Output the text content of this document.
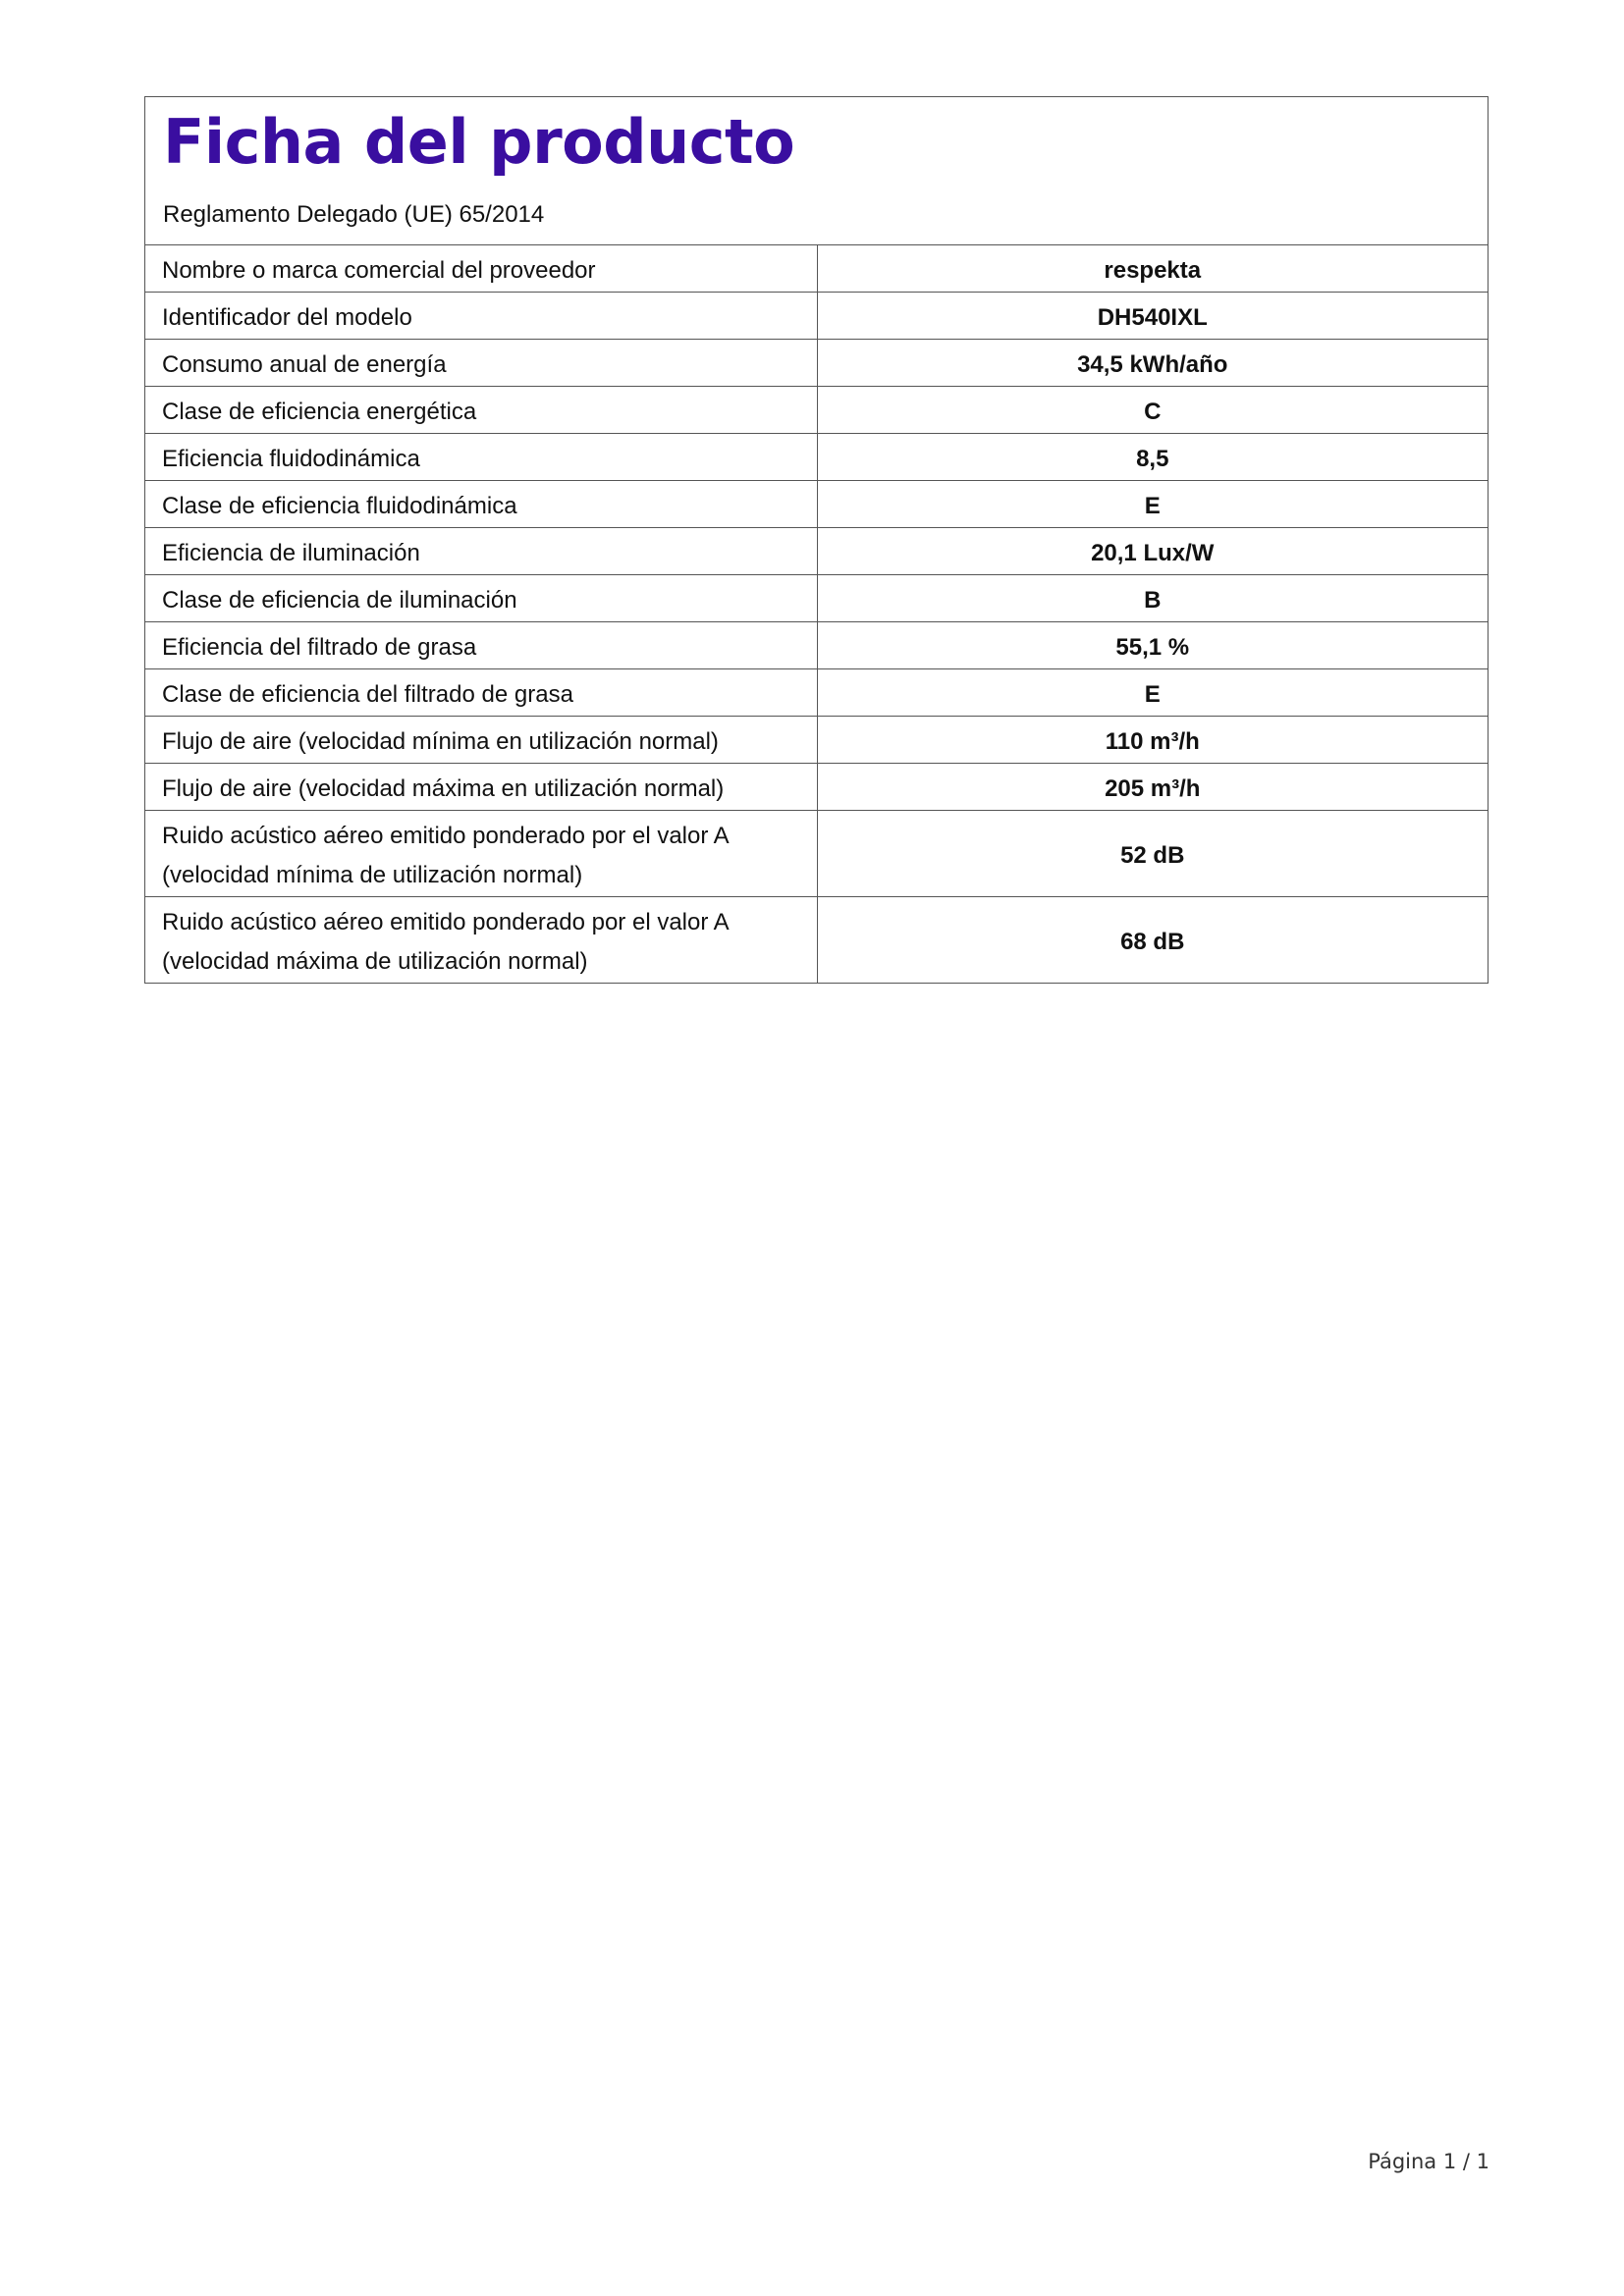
Ficha del producto
Reglamento Delegado (UE) 65/2014
Nombre o marca comercial del proveedor	respekta
Identificador del modelo	DH540IXL
Consumo anual de energía	34,5 kWh/año
Clase de eficiencia energética	C
Eficiencia fluidodinámica	8,5
Clase de eficiencia fluidodinámica	E
Eficiencia de iluminación	20,1 Lux/W
Clase de eficiencia de iluminación	B
Eficiencia del filtrado de grasa	55,1 %
Clase de eficiencia del filtrado de grasa	E
Flujo de aire (velocidad mínima en utilización normal)	110 m³/h
Flujo de aire (velocidad máxima en utilización normal)	205 m³/h
Ruido acústico aéreo emitido ponderado por el valor A (velocidad mínima de utilización normal)	52 dB
Ruido acústico aéreo emitido ponderado por el valor A (velocidad máxima de utilización normal)	68 dB
Página 1 / 1
